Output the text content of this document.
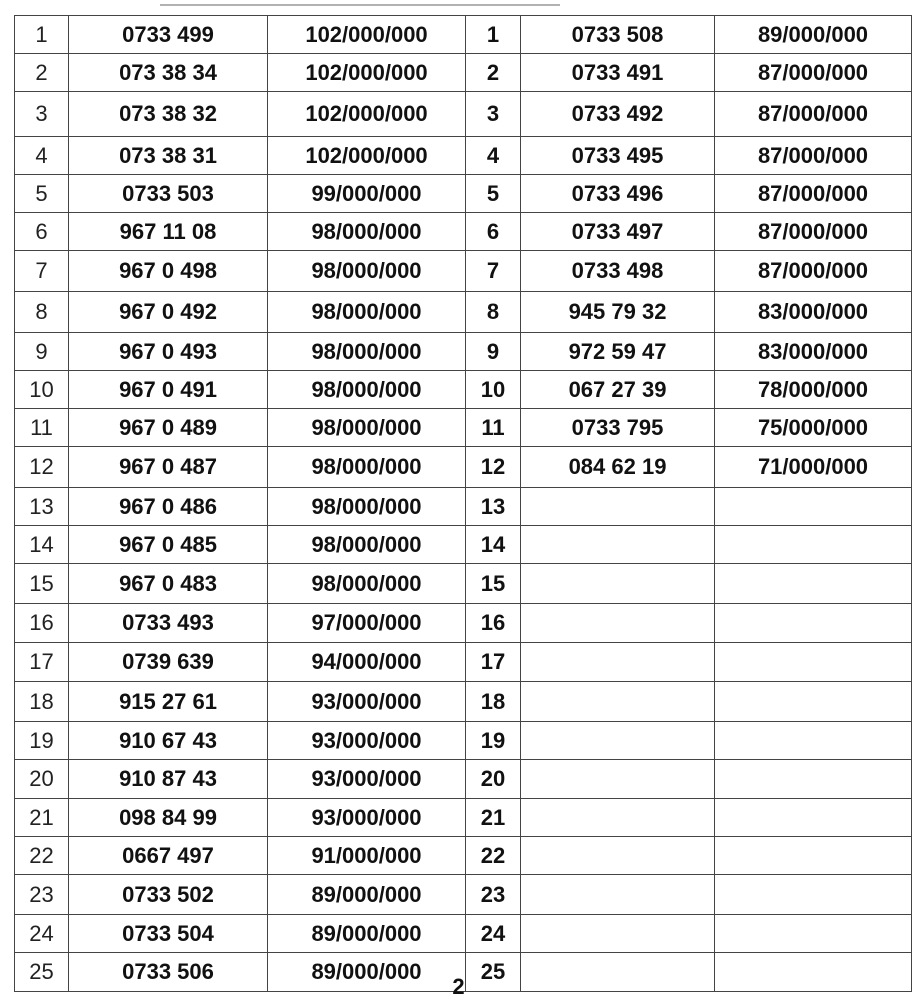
1	0733 499	102/000/000	1	0733 508	89/000/000
2	073 38 34	102/000/000	2	0733 491	87/000/000
3	073 38 32	102/000/000	3	0733 492	87/000/000
4	073 38 31	102/000/000	4	0733 495	87/000/000
5	0733 503	99/000/000	5	0733 496	87/000/000
6	967 11 08	98/000/000	6	0733 497	87/000/000
7	967 0 498	98/000/000	7	0733 498	87/000/000
8	967 0 492	98/000/000	8	945 79 32	83/000/000
9	967 0 493	98/000/000	9	972 59 47	83/000/000
10	967 0 491	98/000/000	10	067 27 39	78/000/000
11	967 0 489	98/000/000	11	0733 795	75/000/000
12	967 0 487	98/000/000	12	084 62 19	71/000/000
13	967 0 486	98/000/000	13		
14	967 0 485	98/000/000	14		
15	967 0 483	98/000/000	15		
16	0733 493	97/000/000	16		
17	0739 639	94/000/000	17		
18	915 27 61	93/000/000	18		
19	910 67 43	93/000/000	19		
20	910 87 43	93/000/000	20		
21	098 84 99	93/000/000	21		
22	0667 497	91/000/000	22		
23	0733 502	89/000/000	23		
24	0733 504	89/000/000	24		
25	0733 506	89/000/000	25		
2
